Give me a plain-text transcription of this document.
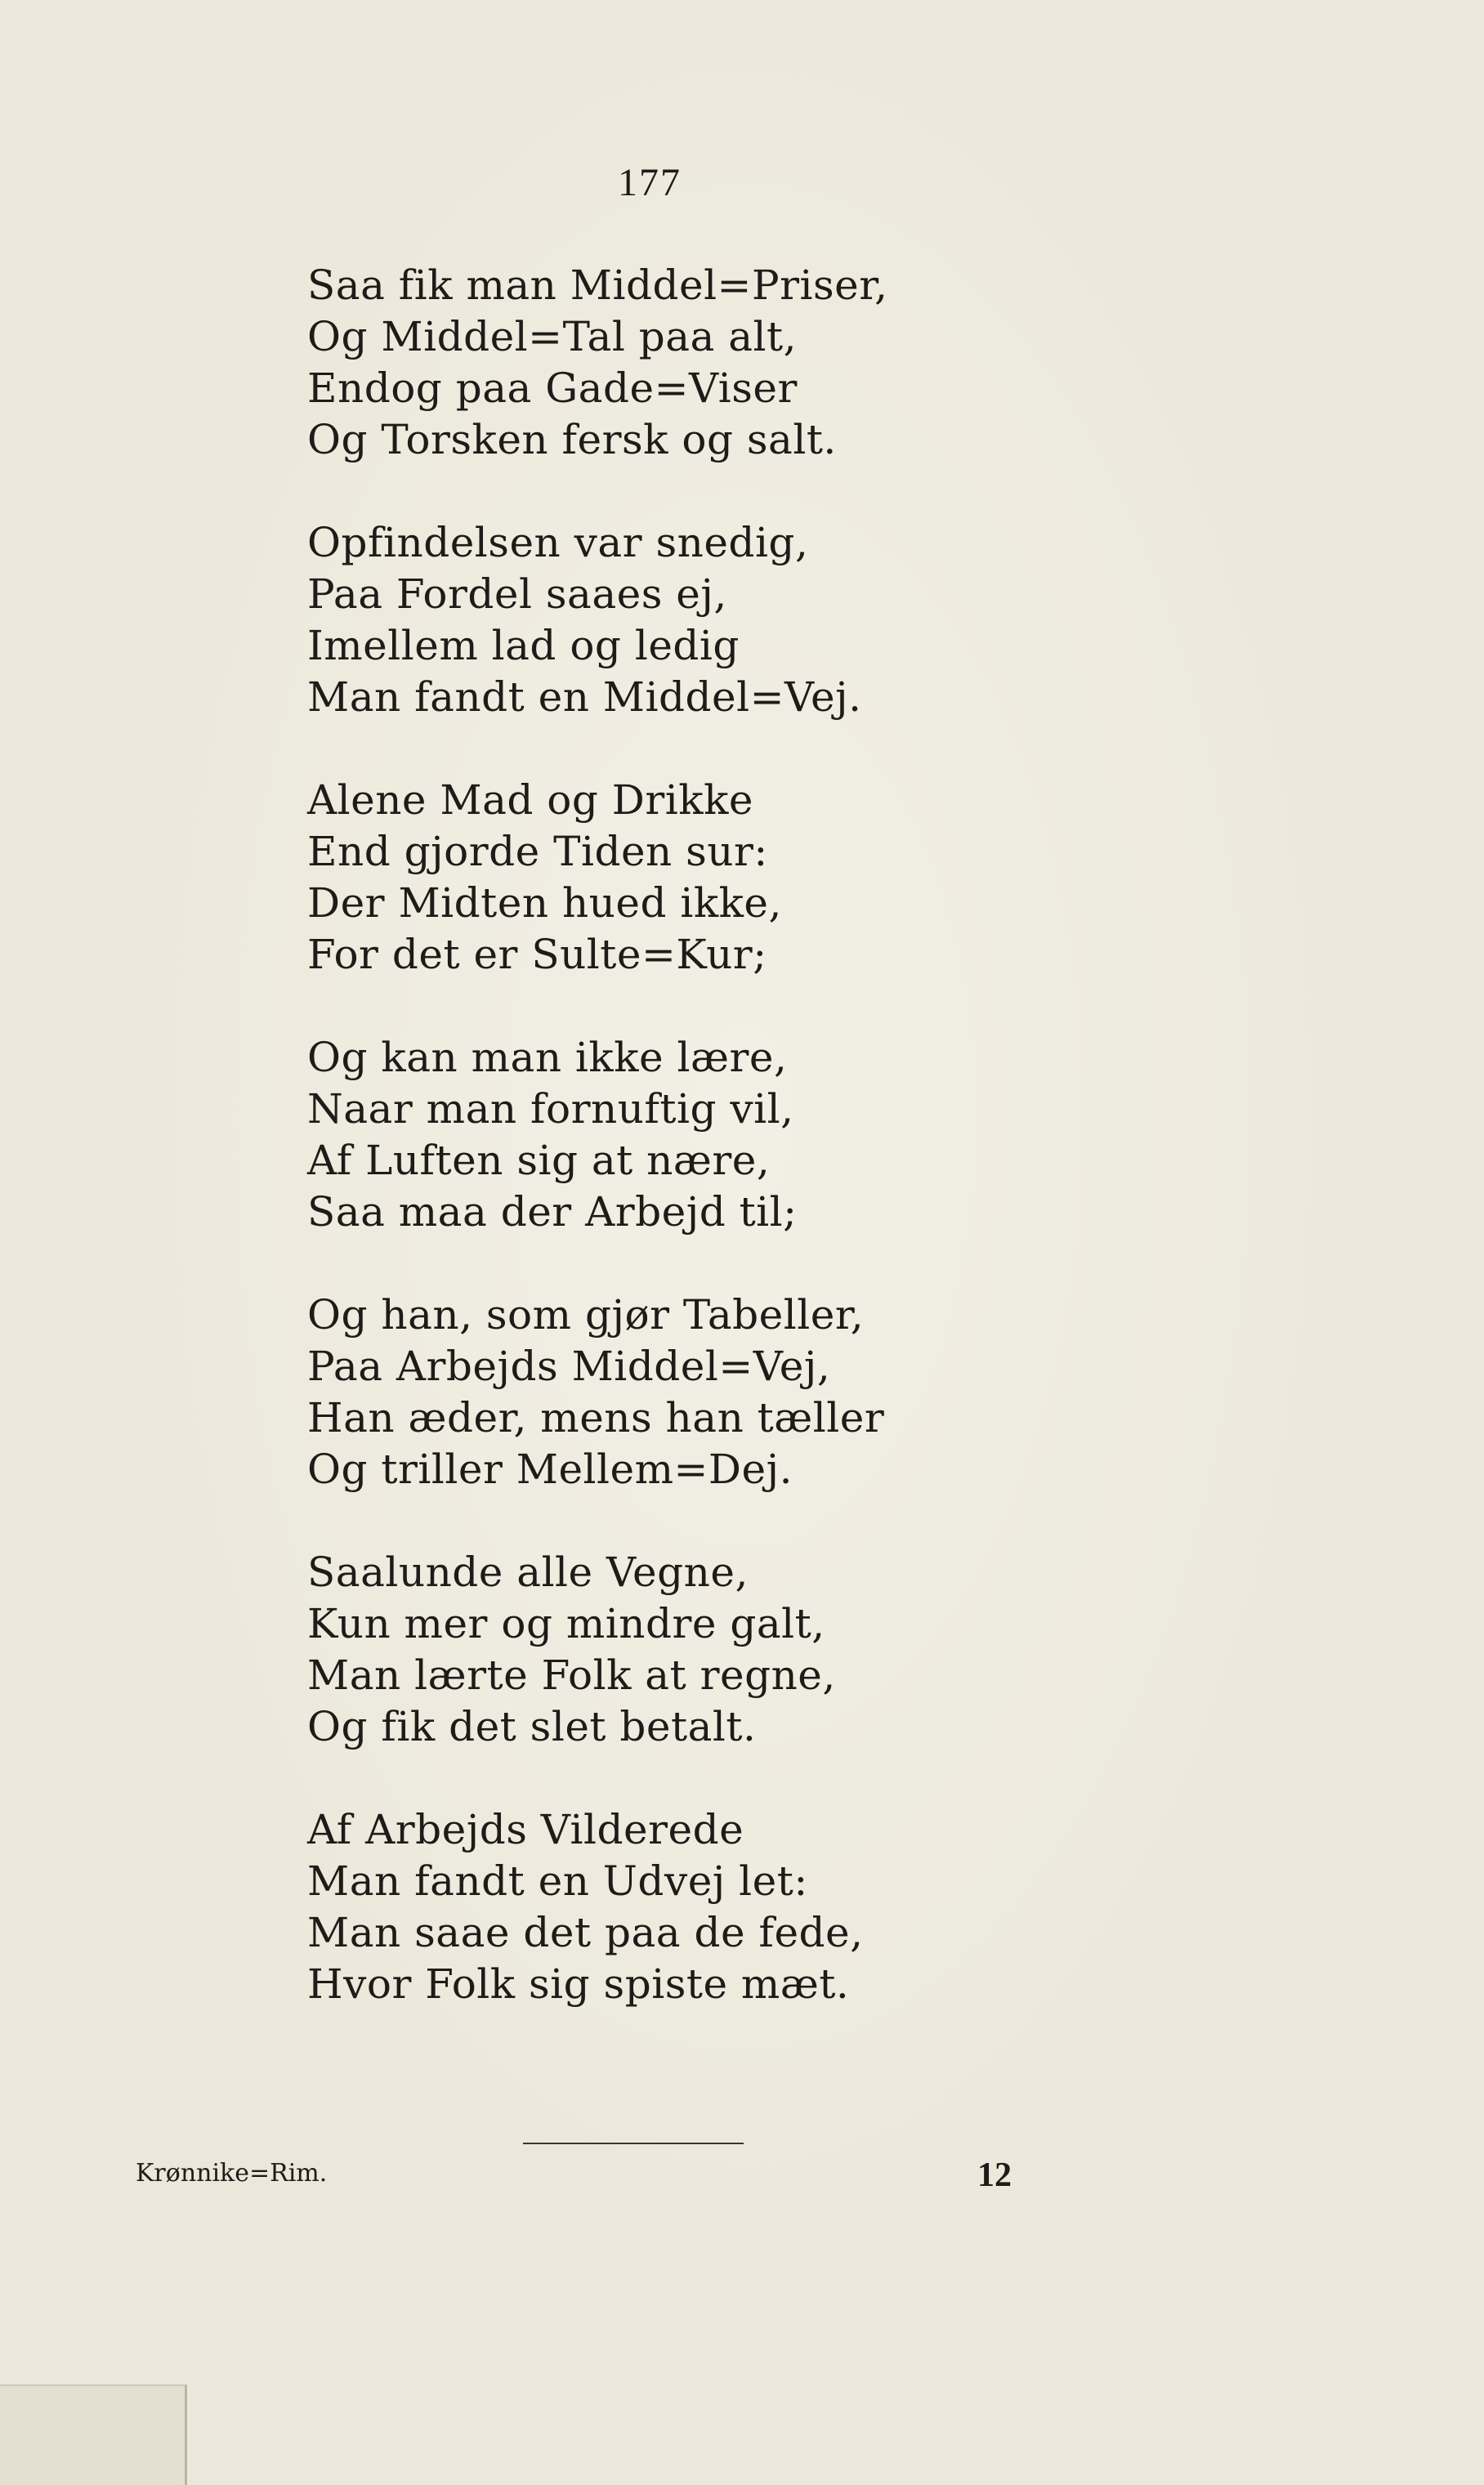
177
Saa fik man Middel=Priser,
Og Middel=Tal paa alt,
Endog paa Gade=Viser
Og Torsken fersk og salt.
Opfindelsen var snedig,
Paa Fordel saaes ej,
Imellem lad og ledig
Man fandt en Middel=Vej.
Alene Mad og Drikke
End gjorde Tiden sur:
Der Midten hued ikke,
For det er Sulte=Kur;
Og kan man ikke lære,
Naar man fornuftig vil,
Af Luften sig at nære,
Saa maa der Arbejd til;
Og han, som gjør Tabeller,
Paa Arbejds Middel=Vej,
Han æder, mens han tæller
Og triller Mellem=Dej.
Saalunde alle Vegne,
Kun mer og mindre galt,
Man lærte Folk at regne,
Og fik det slet betalt.
Af Arbejds Vilderede
Man fandt en Udvej let:
Man saae det paa de fede,
Hvor Folk sig spiste mæt.
Krønnike=Rim.	12
